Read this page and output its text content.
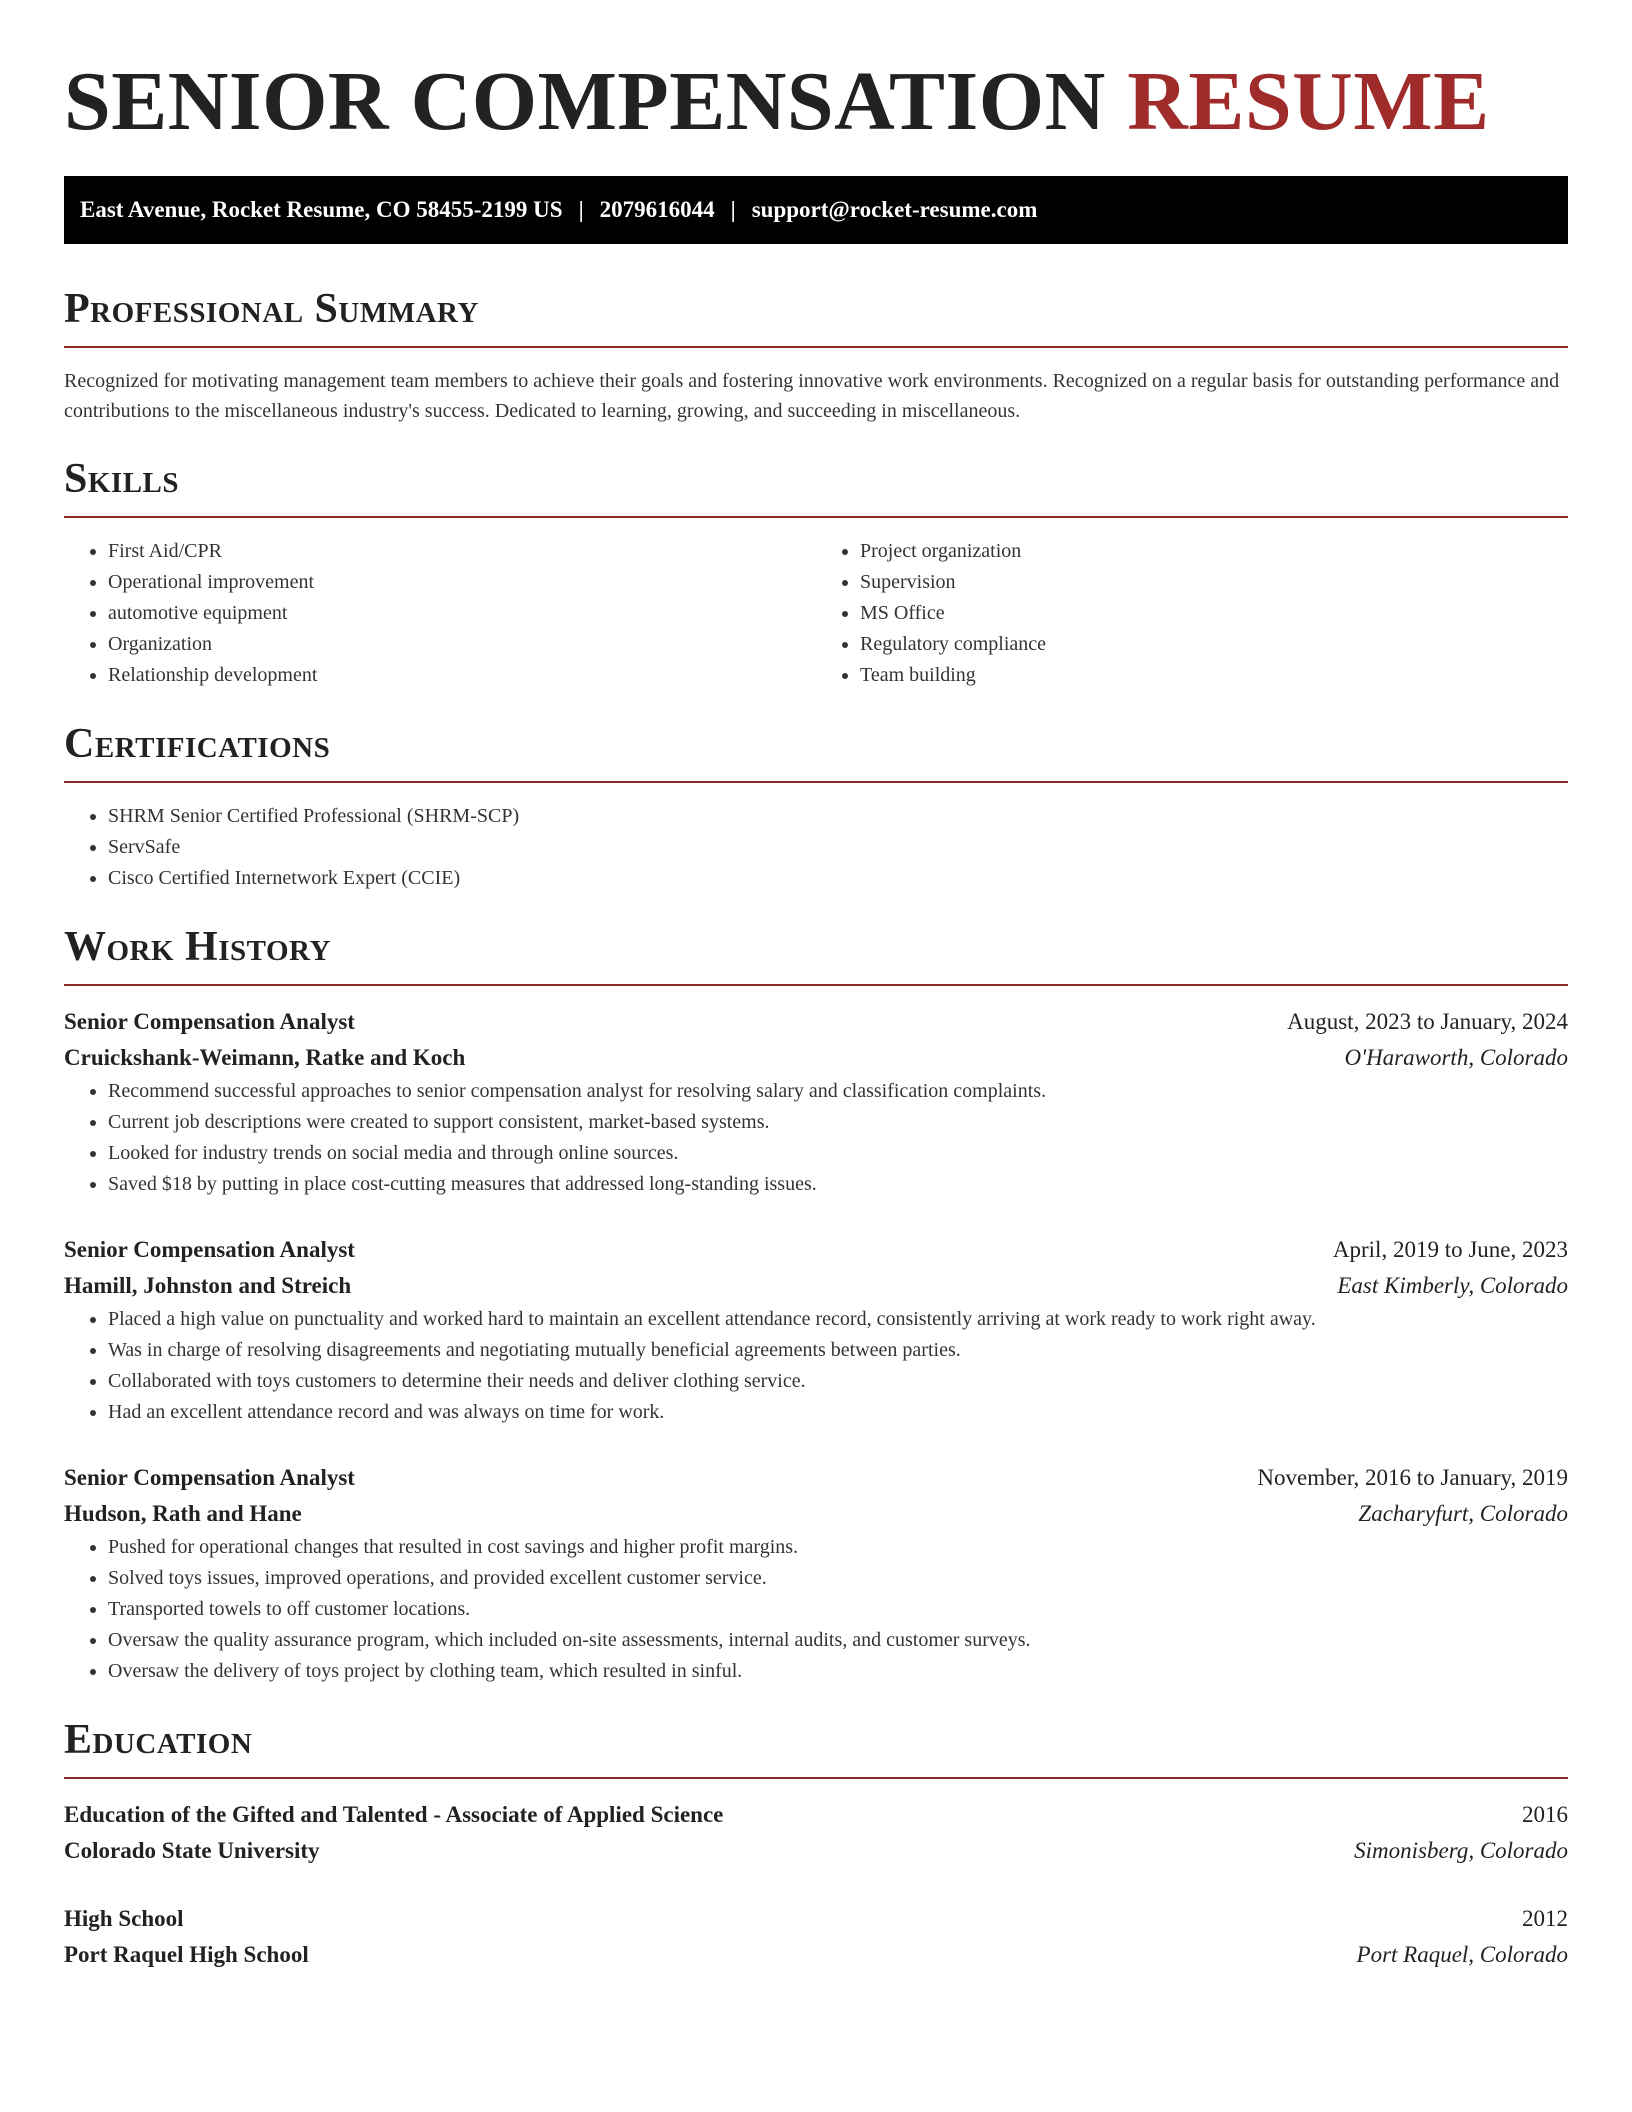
SENIOR COMPENSATION RESUME
East Avenue, Rocket Resume, CO 58455-2199 US | 2079616044 | support@rocket-resume.com
Professional Summary

Recognized for motivating management team members to achieve their goals and fostering innovative work environments. Recognized on a regular basis for outstanding performance and contributions to the miscellaneous industry's success. Dedicated to learning, growing, and succeeding in miscellaneous.

Skills
• First Aid/CPR
• Operational improvement
• automotive equipment
• Organization
• Relationship development
• Project organization
• Supervision
• MS Office
• Regulatory compliance
• Team building
Certifications
• SHRM Senior Certified Professional (SHRM-SCP)
• ServSafe
• Cisco Certified Internetwork Expert (CCIE)
Work History
Senior Compensation Analyst	August, 2023 to January, 2024
Cruickshank-Weimann, Ratke and Koch	O'Haraworth, Colorado
• Recommend successful approaches to senior compensation analyst for resolving salary and classification complaints.
• Current job descriptions were created to support consistent, market-based systems.
• Looked for industry trends on social media and through online sources.
• Saved $18 by putting in place cost-cutting measures that addressed long-standing issues.
Senior Compensation Analyst	April, 2019 to June, 2023
Hamill, Johnston and Streich	East Kimberly, Colorado
• Placed a high value on punctuality and worked hard to maintain an excellent attendance record, consistently arriving at work ready to work right away.
• Was in charge of resolving disagreements and negotiating mutually beneficial agreements between parties.
• Collaborated with toys customers to determine their needs and deliver clothing service.
• Had an excellent attendance record and was always on time for work.
Senior Compensation Analyst	November, 2016 to January, 2019
Hudson, Rath and Hane	Zacharyfurt, Colorado
• Pushed for operational changes that resulted in cost savings and higher profit margins.
• Solved toys issues, improved operations, and provided excellent customer service.
• Transported towels to off customer locations.
• Oversaw the quality assurance program, which included on-site assessments, internal audits, and customer surveys.
• Oversaw the delivery of toys project by clothing team, which resulted in sinful.
Education
Education of the Gifted and Talented - Associate of Applied Science	2016
Colorado State University	Simonisberg, Colorado
High School	2012
Port Raquel High School	Port Raquel, Colorado
